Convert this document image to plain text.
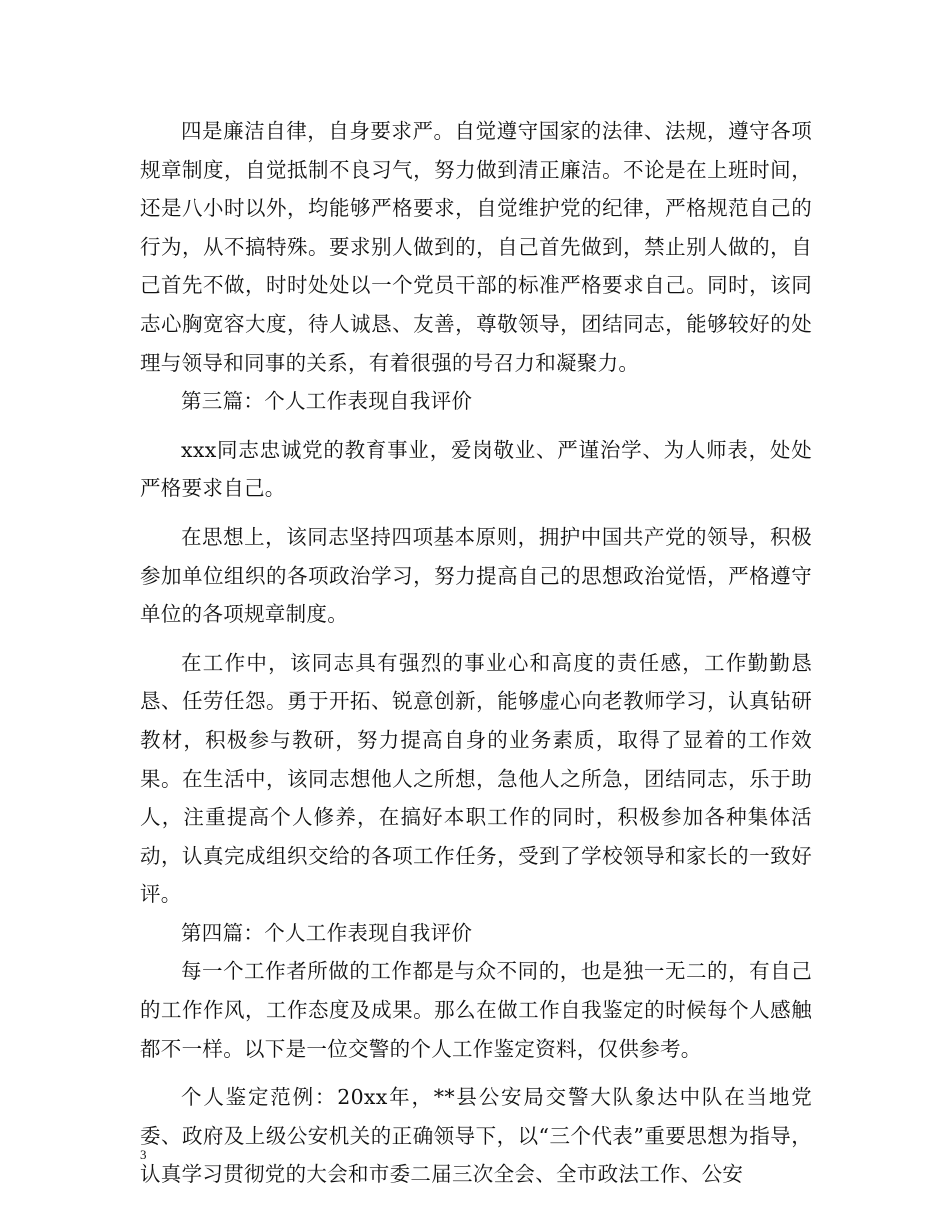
四是廉洁自律，自身要求严。自觉遵守国家的法律、法规，遵守各项规章制度，自觉抵制不良习气，努力做到清正廉洁。不论是在上班时间，还是八小时以外，均能够严格要求，自觉维护党的纪律，严格规范自己的行为，从不搞特殊。要求别人做到的，自己首先做到，禁止别人做的，自己首先不做，时时处处以一个党员干部的标准严格要求自己。同时，该同志心胸宽容大度，待人诚恳、友善，尊敬领导，团结同志，能够较好的处理与领导和同事的关系，有着很强的号召力和凝聚力。

第三篇：个人工作表现自我评价

xxx同志忠诚党的教育事业，爱岗敬业、严谨治学、为人师表，处处严格要求自己。

在思想上，该同志坚持四项基本原则，拥护中国共产党的领导，积极参加单位组织的各项政治学习，努力提高自己的思想政治觉悟，严格遵守单位的各项规章制度。

在工作中，该同志具有强烈的事业心和高度的责任感，工作勤勤恳恳、任劳任怨。勇于开拓、锐意创新，能够虚心向老教师学习，认真钻研教材，积极参与教研，努力提高自身的业务素质，取得了显着的工作效果。在生活中，该同志想他人之所想，急他人之所急，团结同志，乐于助人，注重提高个人修养，在搞好本职工作的同时，积极参加各种集体活动，认真完成组织交给的各项工作任务，受到了学校领导和家长的一致好评。

第四篇：个人工作表现自我评价

每一个工作者所做的工作都是与众不同的，也是独一无二的，有自己的工作作风，工作态度及成果。那么在做工作自我鉴定的时候每个人感触都不一样。以下是一位交警的个人工作鉴定资料，仅供参考。

个人鉴定范例：20xx年，**县公安局交警大队象达中队在当地党委、政府及上级公安机关的正确领导下，以“三个代表”重要思想为指导，认真学习贯彻党的大会和市委二届三次全会、全市政法工作、公安

3
